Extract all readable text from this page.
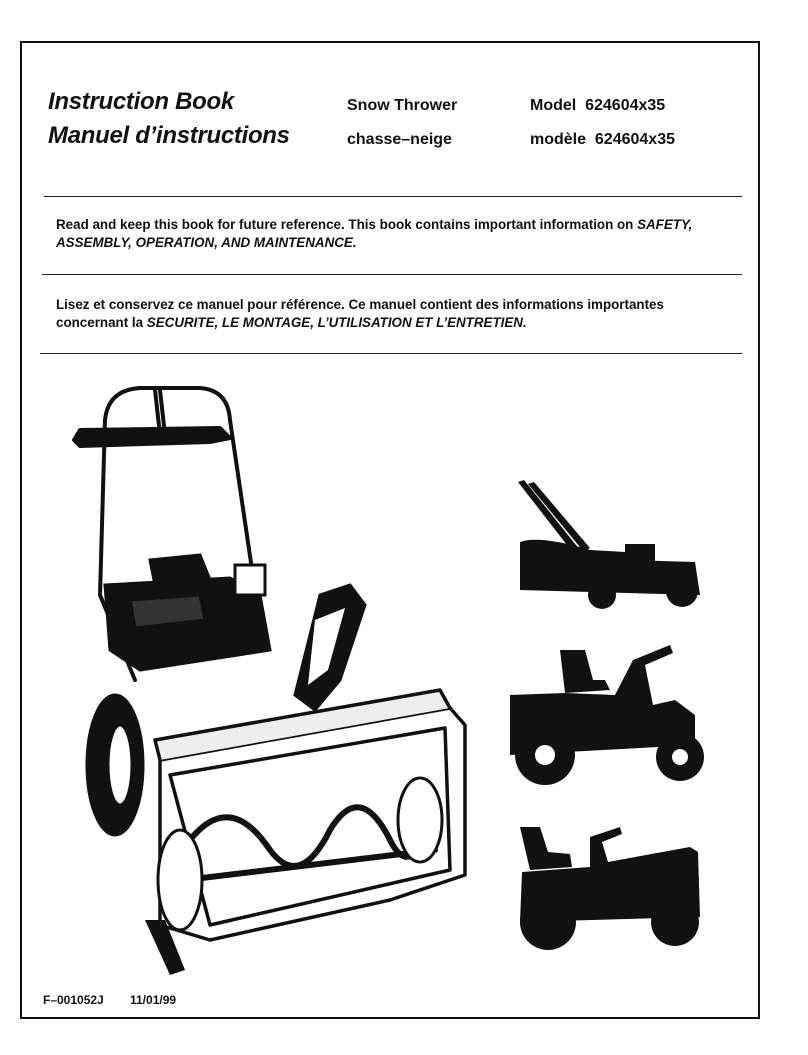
Instruction Book
Manuel d’instructions
Snow Thrower
chasse–neige
Model  624604x35
modèle  624604x35
Read and keep this book for future reference. This book contains important information on SAFETY,
ASSEMBLY, OPERATION, AND MAINTENANCE.
Lisez et conservez ce manuel pour référence. Ce manuel contient des informations importantes
concernant la SECURITE, LE MONTAGE, L’UTILISATION ET L’ENTRETIEN.
F–001052J 11/01/99
